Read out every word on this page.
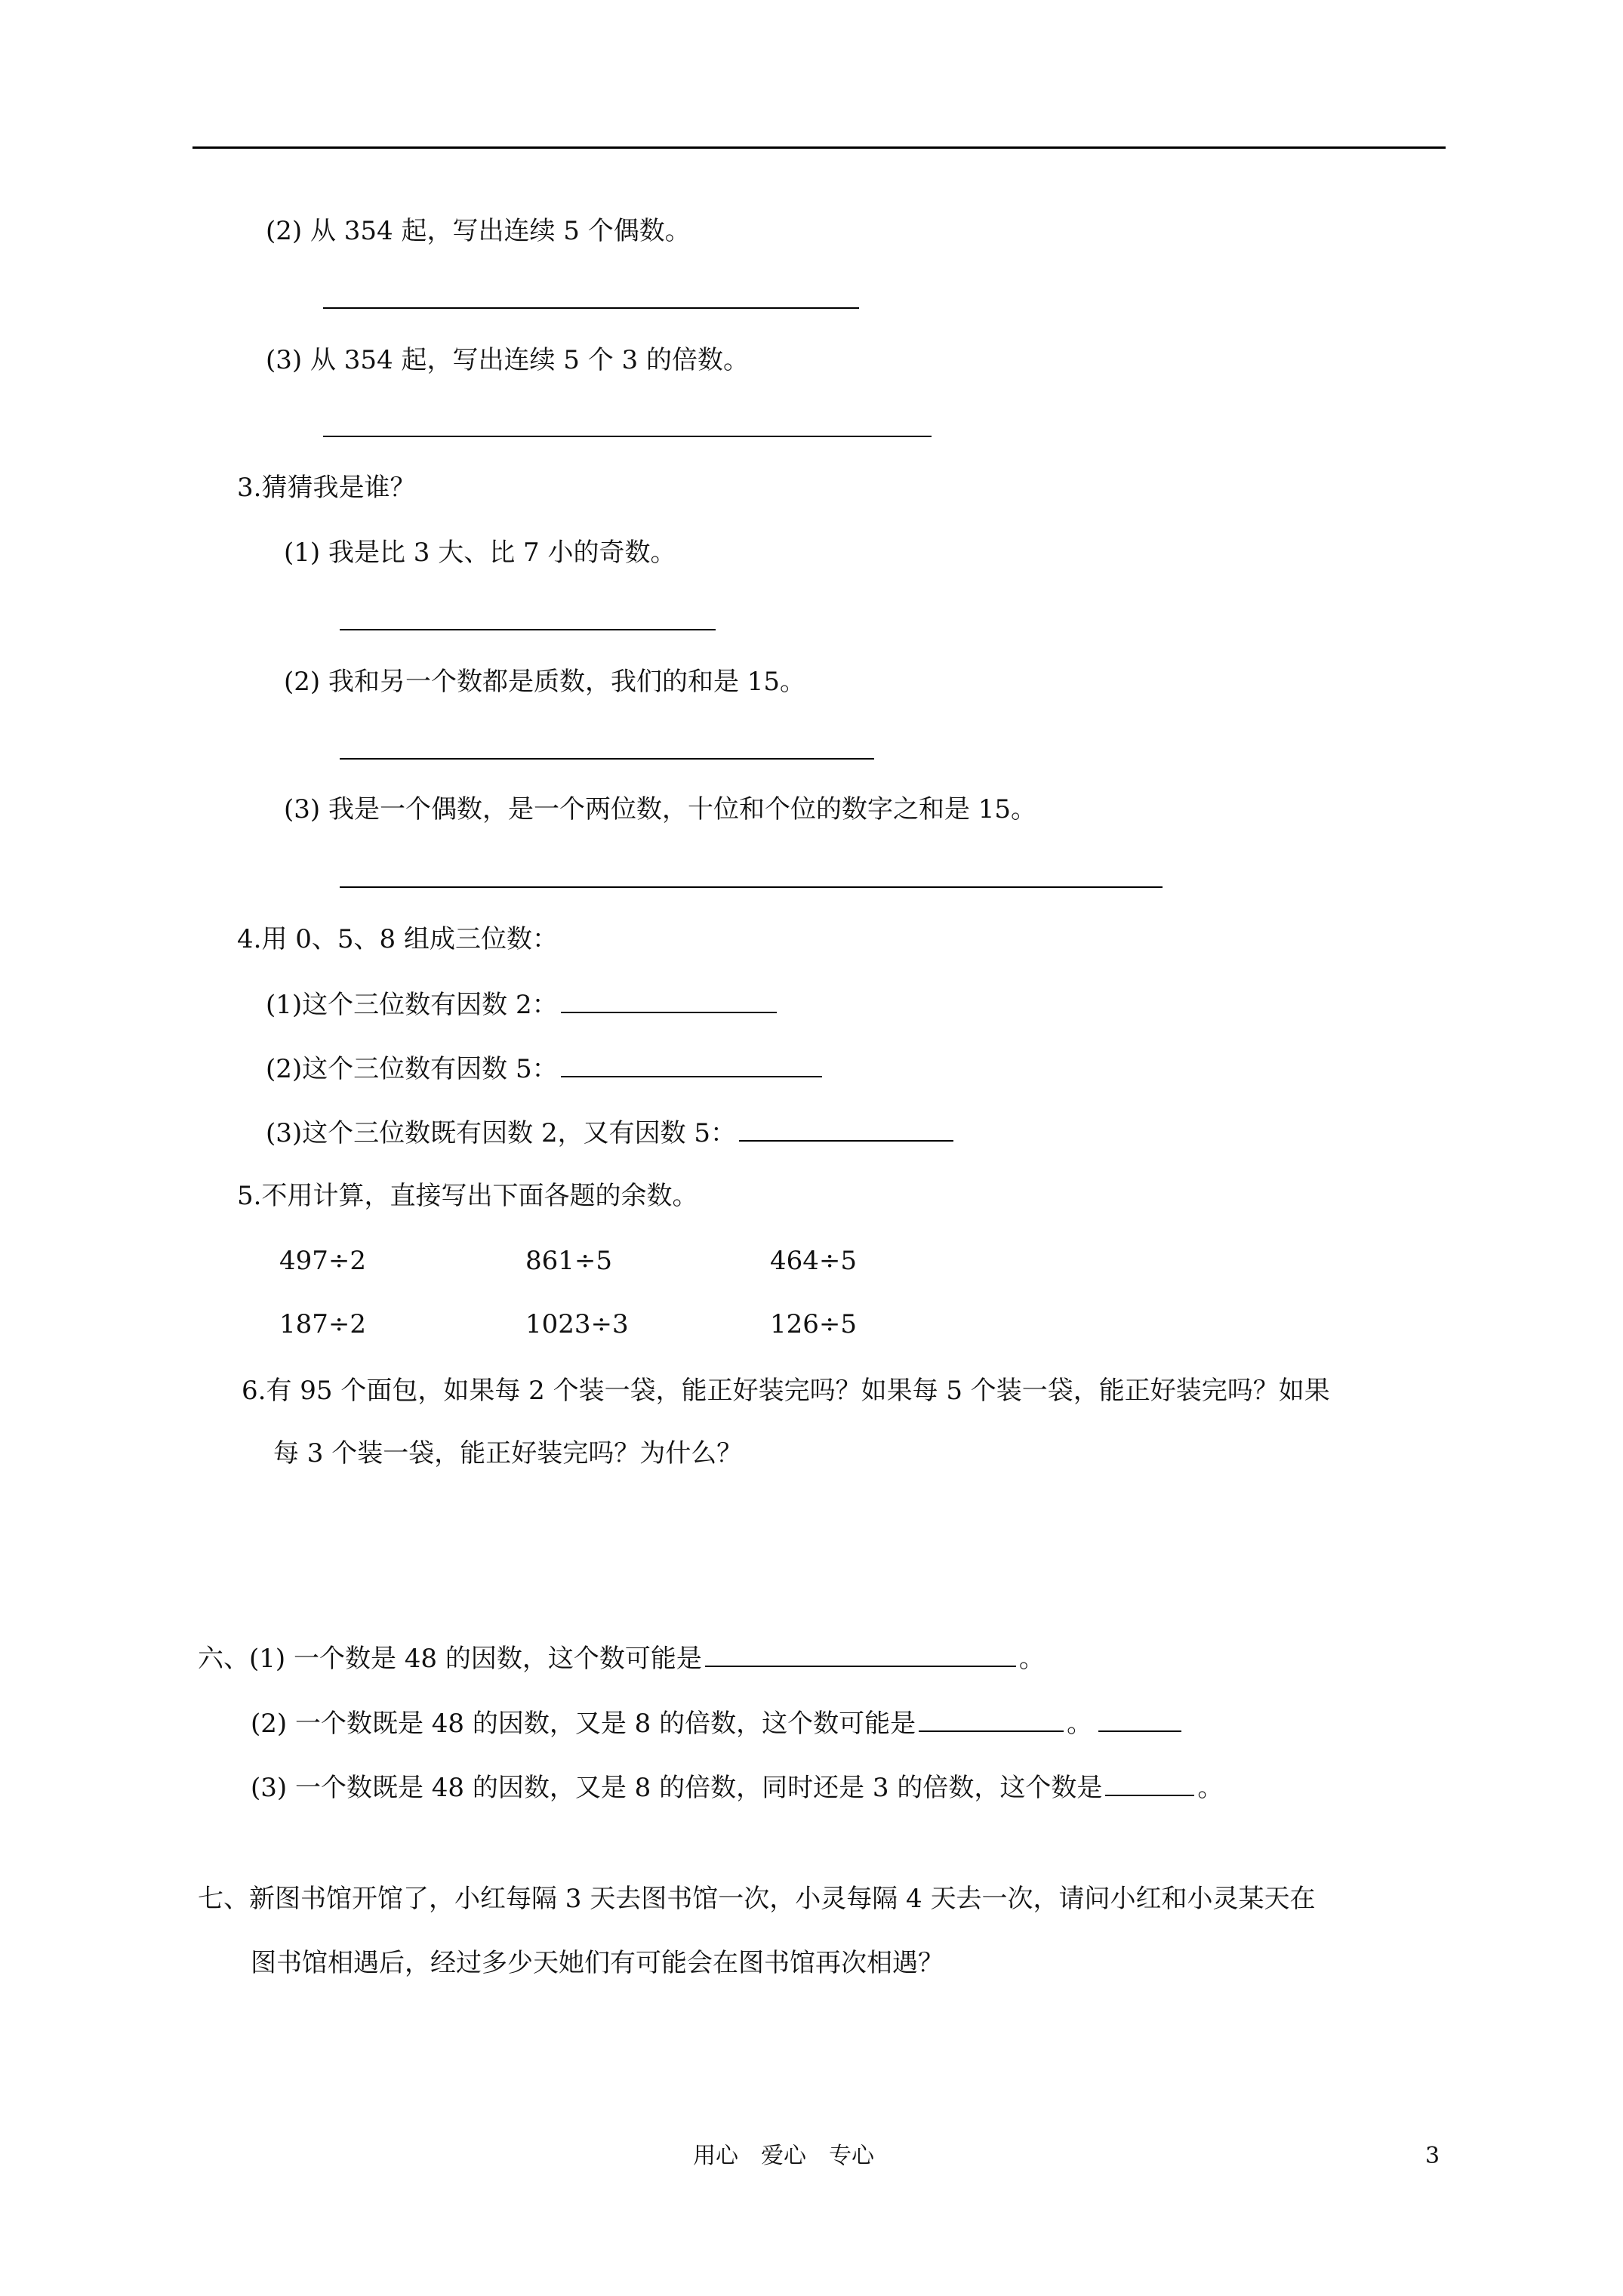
(2) 从 354 起，写出连续 5 个偶数。
(3) 从 354 起，写出连续 5 个 3 的倍数。
3.猜猜我是谁？
(1) 我是比 3 大、比 7 小的奇数。
(2) 我和另一个数都是质数，我们的和是 15。
(3) 我是一个偶数，是一个两位数，十位和个位的数字之和是 15。
4.用 0、5、8 组成三位数：
(1)这个三位数有因数 2：
(2)这个三位数有因数 5：
(3)这个三位数既有因数 2，又有因数 5：
5.不用计算，直接写出下面各题的余数。
497÷2	861÷5	464÷5
187÷2	1023÷3	126÷5
6.有 95 个面包，如果每 2 个装一袋，能正好装完吗？如果每 5 个装一袋，能正好装完吗？如果
每 3 个装一袋，能正好装完吗？为什么？
六、(1) 一个数是 48 的因数，这个数可能是	。
(2) 一个数既是 48 的因数，又是 8 的倍数，这个数可能是	。
(3) 一个数既是 48 的因数，又是 8 的倍数，同时还是 3 的倍数，这个数是	。
七、新图书馆开馆了，小红每隔 3 天去图书馆一次，小灵每隔 4 天去一次，请问小红和小灵某天在
图书馆相遇后，经过多少天她们有可能会在图书馆再次相遇？
用心　爱心　专心	3
